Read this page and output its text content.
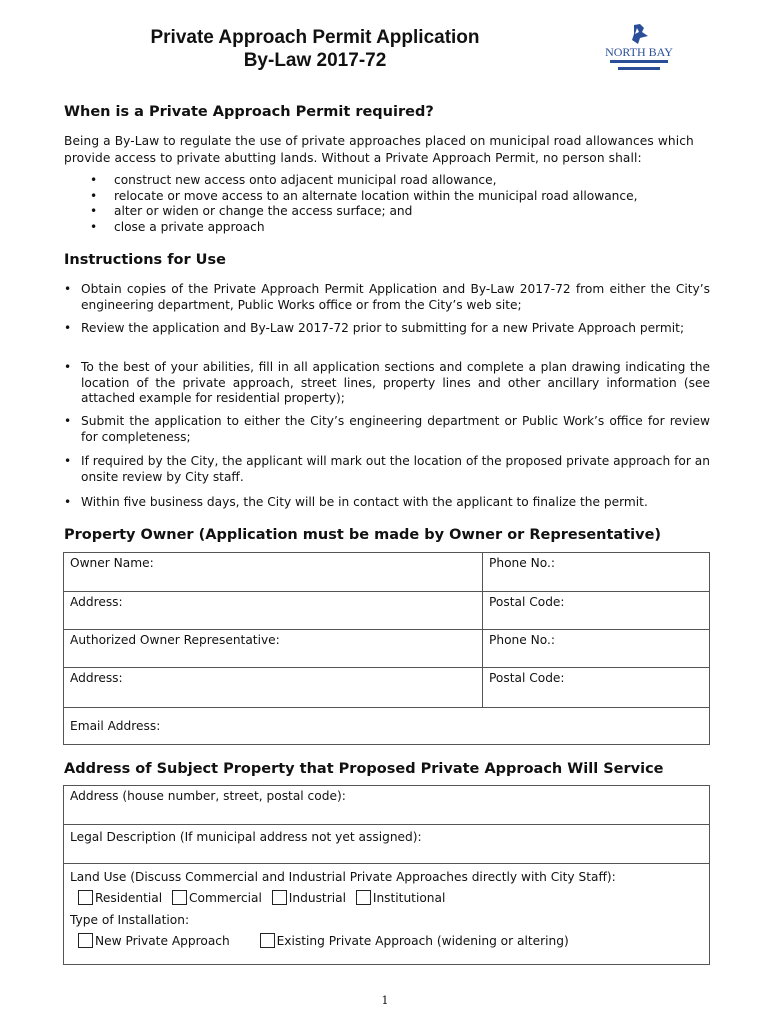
Private Approach Permit Application
By-Law 2017-72	NORTH BAY
When is a Private Approach Permit required?
Being a By-Law to regulate the use of private approaches placed on municipal road allowances which provide access to private abutting lands. Without a Private Approach Permit, no person shall:
• construct new access onto adjacent municipal road allowance,
• relocate or move access to an alternate location within the municipal road allowance,
• alter or widen or change the access surface; and
• close a private approach
Instructions for Use
• Obtain copies of the Private Approach Permit Application and By-Law 2017-72 from either the City’s engineering department, Public Works office or from the City’s web site;
• Review the application and By-Law 2017-72 prior to submitting for a new Private Approach permit;
• To the best of your abilities, fill in all application sections and complete a plan drawing indicating the location of the private approach, street lines, property lines and other ancillary information (see attached example for residential property);
• Submit the application to either the City’s engineering department or Public Work’s office for review for completeness;
• If required by the City, the applicant will mark out the location of the proposed private approach for an onsite review by City staff.
• Within five business days, the City will be in contact with the applicant to finalize the permit.
Property Owner (Application must be made by Owner or Representative)
Owner Name:	Phone No.:
Address:	Postal Code:
Authorized Owner Representative:	Phone No.:
Address:	Postal Code:
Email Address:	
Address of Subject Property that Proposed Private Approach Will Service
Address (house number, street, postal code):
Legal Description (If municipal address not yet assigned):
Land Use (Discuss Commercial and Industrial Private Approaches directly with City Staff):
Residential Commercial Industrial Institutional
Type of Installation:
New Private Approach	Existing Private Approach (widening or altering)
1
